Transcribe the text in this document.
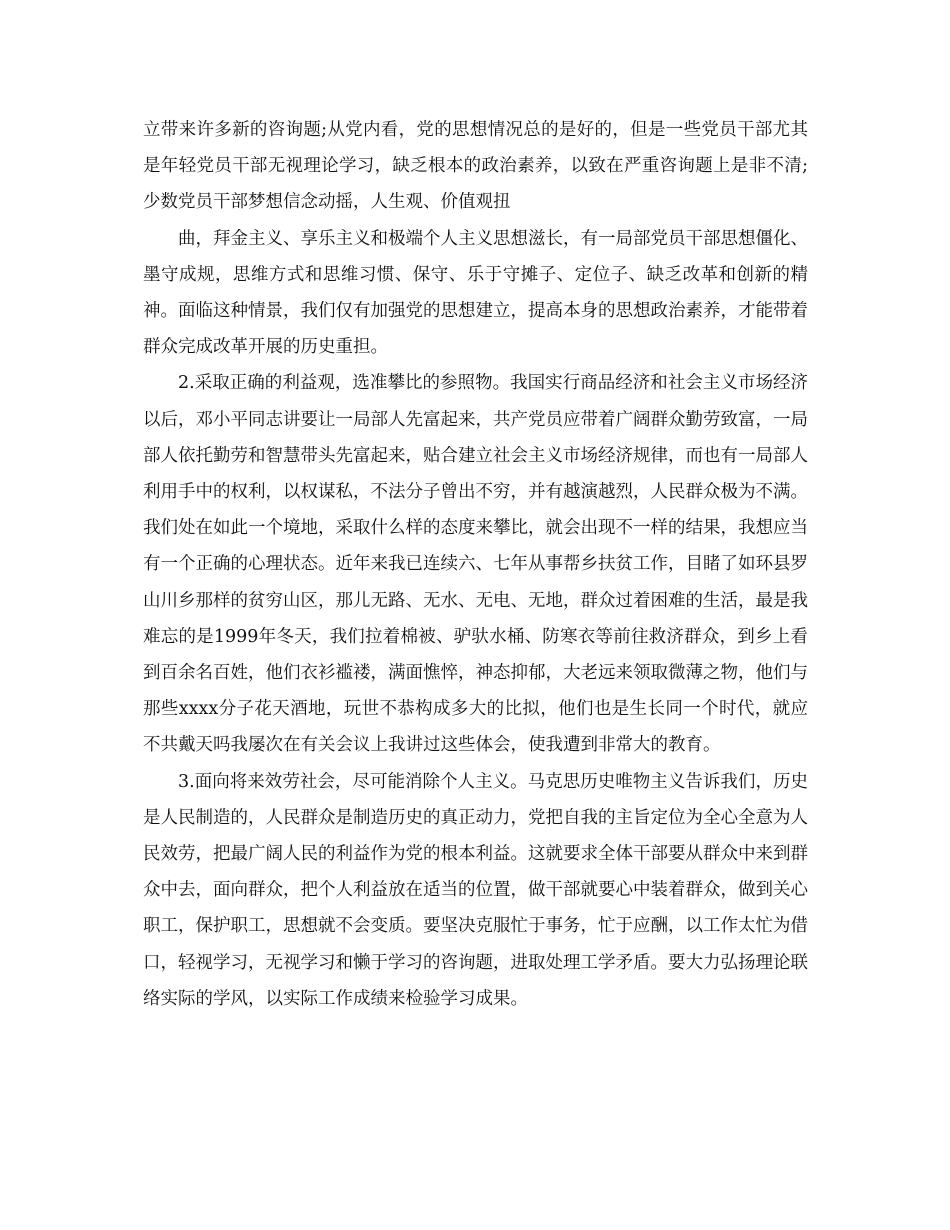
立带来许多新的咨询题;从党内看，党的思想情况总的是好的，但是一些党员干部尤其是年轻党员干部无视理论学习，缺乏根本的政治素养，以致在严重咨询题上是非不清;少数党员干部梦想信念动摇，人生观、价值观扭

曲，拜金主义、享乐主义和极端个人主义思想滋长，有一局部党员干部思想僵化、墨守成规，思维方式和思维习惯、保守、乐于守摊子、定位子、缺乏改革和创新的精神。面临这种情景，我们仅有加强党的思想建立，提高本身的思想政治素养，才能带着群众完成改革开展的历史重担。

2.采取正确的利益观，选准攀比的参照物。我国实行商品经济和社会主义市场经济以后，邓小平同志讲要让一局部人先富起来，共产党员应带着广阔群众勤劳致富，一局部人依托勤劳和智慧带头先富起来，贴合建立社会主义市场经济规律，而也有一局部人利用手中的权利，以权谋私，不法分子曾出不穷，并有越演越烈，人民群众极为不满。我们处在如此一个境地，采取什么样的态度来攀比，就会出现不一样的结果，我想应当有一个正确的心理状态。近年来我已连续六、七年从事帮乡扶贫工作，目睹了如环县罗山川乡那样的贫穷山区，那儿无路、无水、无电、无地，群众过着困难的生活，最是我难忘的是1999年冬天，我们拉着棉被、驴驮水桶、防寒衣等前往救济群众，到乡上看到百余名百姓，他们衣衫褴褛，满面憔悴，神态抑郁，大老远来领取微薄之物，他们与那些xxxx分子花天酒地，玩世不恭构成多大的比拟，他们也是生长同一个时代，就应不共戴天吗我屡次在有关会议上我讲过这些体会，使我遭到非常大的教育。

3.面向将来效劳社会，尽可能消除个人主义。马克思历史唯物主义告诉我们，历史是人民制造的，人民群众是制造历史的真正动力，党把自我的主旨定位为全心全意为人民效劳，把最广阔人民的利益作为党的根本利益。这就要求全体干部要从群众中来到群众中去，面向群众，把个人利益放在适当的位置，做干部就要心中装着群众，做到关心职工，保护职工，思想就不会变质。要坚决克服忙于事务，忙于应酬，以工作太忙为借口，轻视学习，无视学习和懒于学习的咨询题，进取处理工学矛盾。要大力弘扬理论联络实际的学风，以实际工作成绩来检验学习成果。
